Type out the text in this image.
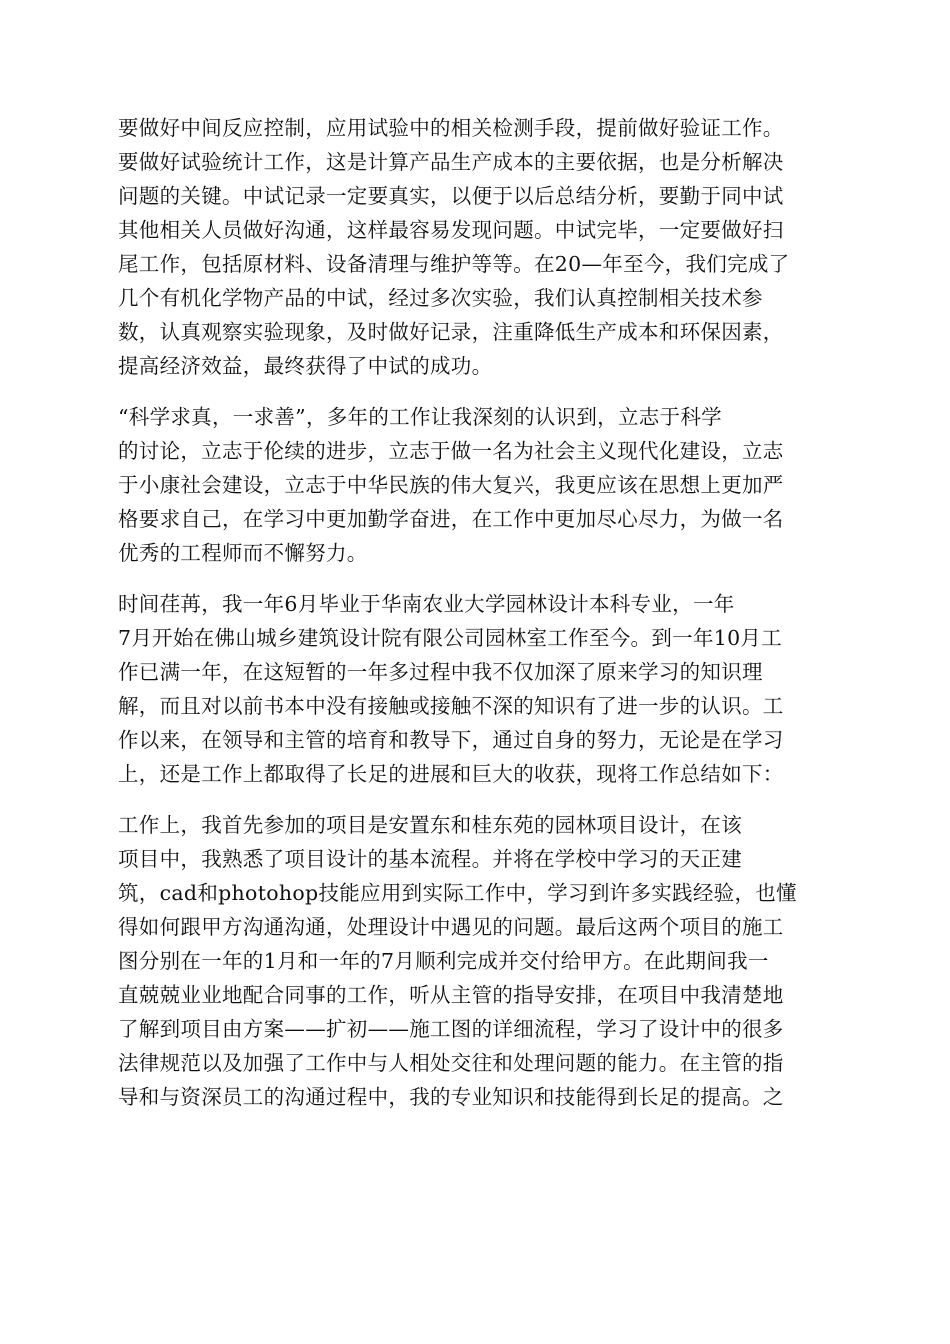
要做好中间反应控制，应用试验中的相关检测手段，提前做好验证工作。
要做好试验统计工作，这是计算产品生产成本的主要依据，也是分析解决
问题的关键。中试记录一定要真实，以便于以后总结分析，要勤于同中试
其他相关人员做好沟通，这样最容易发现问题。中试完毕，一定要做好扫
尾工作，包括原材料、设备清理与维护等等。在20—年至今，我们完成了
几个有机化学物产品的中试，经过多次实验，我们认真控制相关技术参
数，认真观察实验现象，及时做好记录，注重降低生产成本和环保因素，
提高经济效益，最终获得了中试的成功。
“科学求真，一求善”，多年的工作让我深刻的认识到，立志于科学
的讨论，立志于伦续的进步，立志于做一名为社会主义现代化建设，立志
于小康社会建设，立志于中华民族的伟大复兴，我更应该在思想上更加严
格要求自己，在学习中更加勤学奋进，在工作中更加尽心尽力，为做一名
优秀的工程师而不懈努力。
时间荏苒，我一年6月毕业于华南农业大学园林设计本科专业，一年
7月开始在佛山城乡建筑设计院有限公司园林室工作至今。到一年10月工
作已满一年，在这短暂的一年多过程中我不仅加深了原来学习的知识理
解，而且对以前书本中没有接触或接触不深的知识有了进一步的认识。工
作以来，在领导和主管的培育和教导下，通过自身的努力，无论是在学习
上，还是工作上都取得了长足的进展和巨大的收获，现将工作总结如下：
工作上，我首先参加的项目是安置东和桂东苑的园林项目设计，在该
项目中，我熟悉了项目设计的基本流程。并将在学校中学习的天正建
筑，cad和photohop技能应用到实际工作中，学习到许多实践经验，也懂
得如何跟甲方沟通沟通，处理设计中遇见的问题。最后这两个项目的施工
图分别在一年的1月和一年的7月顺利完成并交付给甲方。在此期间我一
直兢兢业业地配合同事的工作，听从主管的指导安排，在项目中我清楚地
了解到项目由方案——扩初——施工图的详细流程，学习了设计中的很多
法律规范以及加强了工作中与人相处交往和处理问题的能力。在主管的指
导和与资深员工的沟通过程中，我的专业知识和技能得到长足的提高。之
